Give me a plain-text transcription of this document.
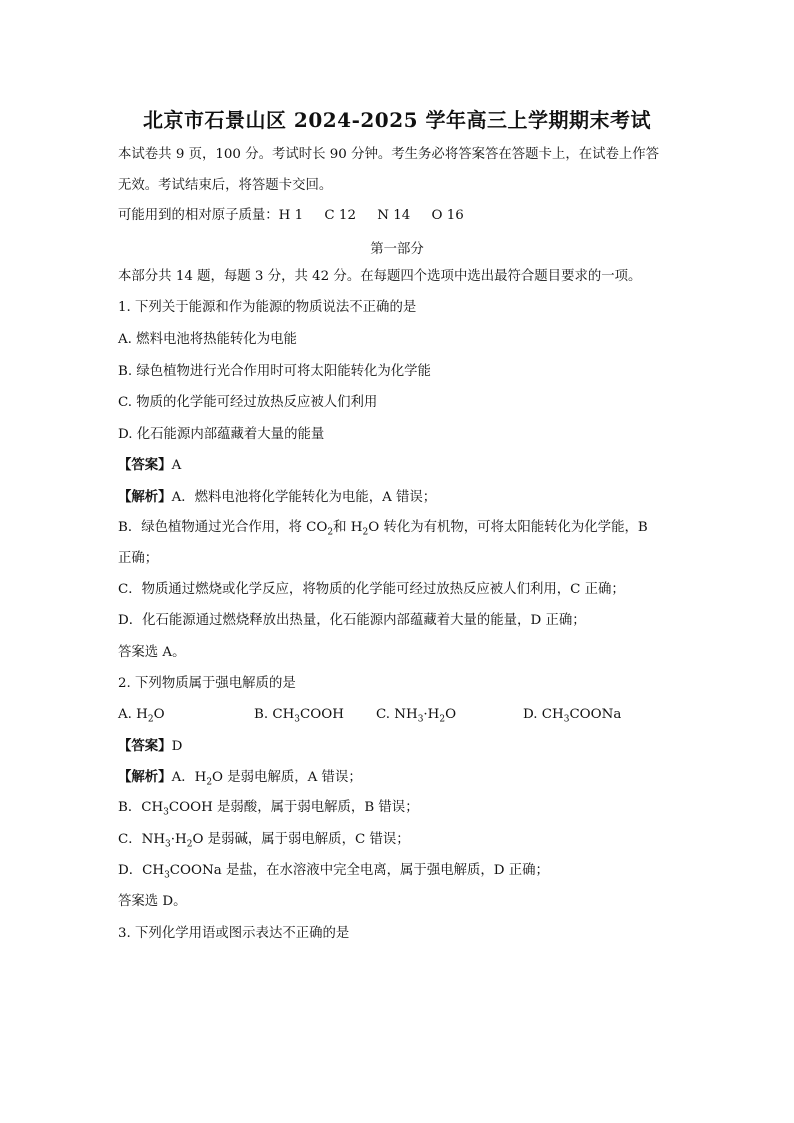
北京市石景山区 2024-2025 学年高三上学期期末考试
本试卷共 9 页，100 分。考试时长 90 分钟。考生务必将答案答在答题卡上，在试卷上作答
无效。考试结束后，将答题卡交回。
可能用到的相对原子质量：H 1     C 12     N 14     O 16
第一部分
本部分共 14 题，每题 3 分，共 42 分。在每题四个选项中选出最符合题目要求的一项。
1. 下列关于能源和作为能源的物质说法不正确的是
A. 燃料电池将热能转化为电能
B. 绿色植物进行光合作用时可将太阳能转化为化学能
C. 物质的化学能可经过放热反应被人们利用
D. 化石能源内部蕴藏着大量的能量
【答案】A
【解析】A．燃料电池将化学能转化为电能，A 错误；
B．绿色植物通过光合作用，将 $CO_2$和 $H_2O$ 转化为有机物，可将太阳能转化为化学能，B
正确；
C．物质通过燃烧或化学反应，将物质的化学能可经过放热反应被人们利用，C 正确；
D．化石能源通过燃烧释放出热量，化石能源内部蕴藏着大量的能量，D 正确；
答案选 A。
2. 下列物质属于强电解质的是
A. $H_2O$	B. $CH_3COOH$ C. $NH_3\cdot H_2O$	D. $CH_3COONa$
【答案】D
【解析】A．$H_2O$ 是弱电解质，A 错误；
B．$CH_3COOH$ 是弱酸，属于弱电解质，B 错误；
C．$NH_3\cdot H_2O$ 是弱碱，属于弱电解质，C 错误；
D．$CH_3COONa$ 是盐，在水溶液中完全电离，属于强电解质，D 正确；
答案选 D。
3. 下列化学用语或图示表达不正确的是
